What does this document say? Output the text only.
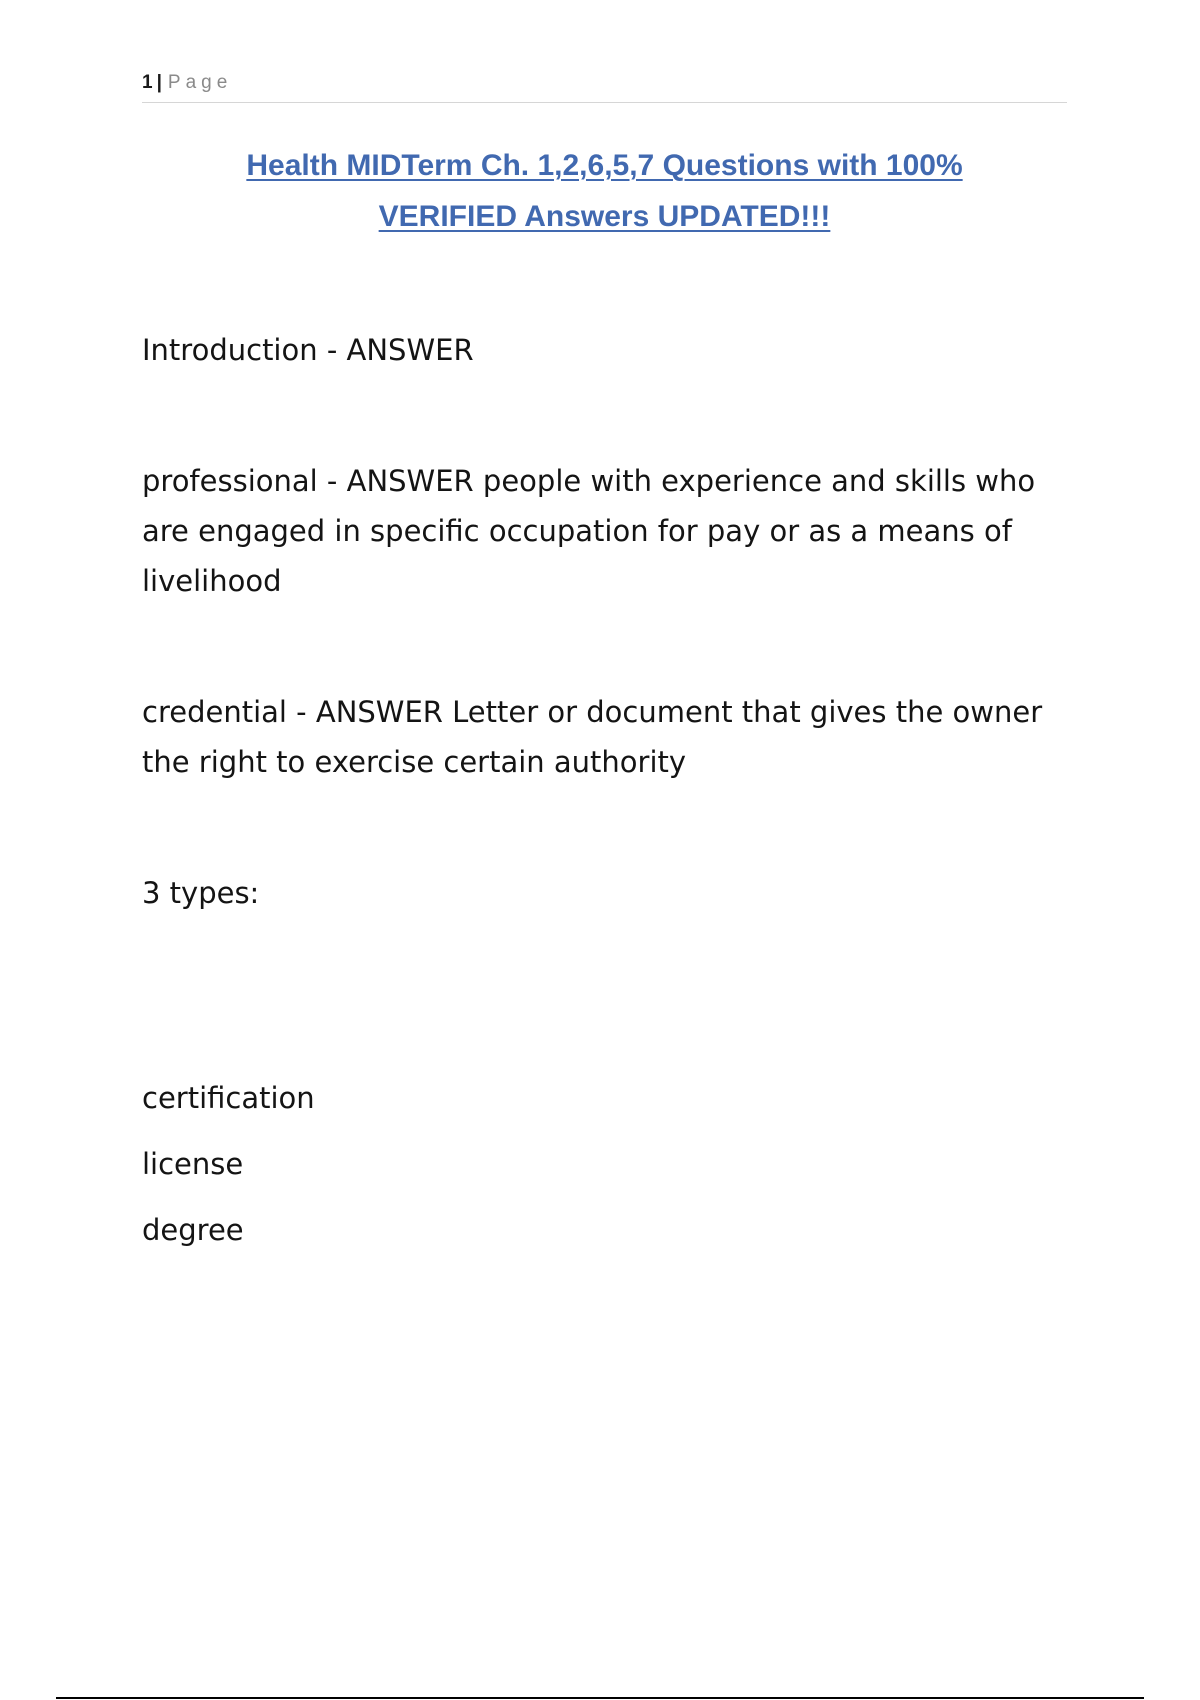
1 | Page
Health MIDTerm Ch. 1,2,6,5,7 Questions with 100%
VERIFIED Answers UPDATED!!!

Introduction - ANSWER

professional - ANSWER people with experience and skills who are engaged in specific occupation for pay or as a means of livelihood

credential - ANSWER Letter or document that gives the owner the right to exercise certain authority

3 types:

certification

license

degree
